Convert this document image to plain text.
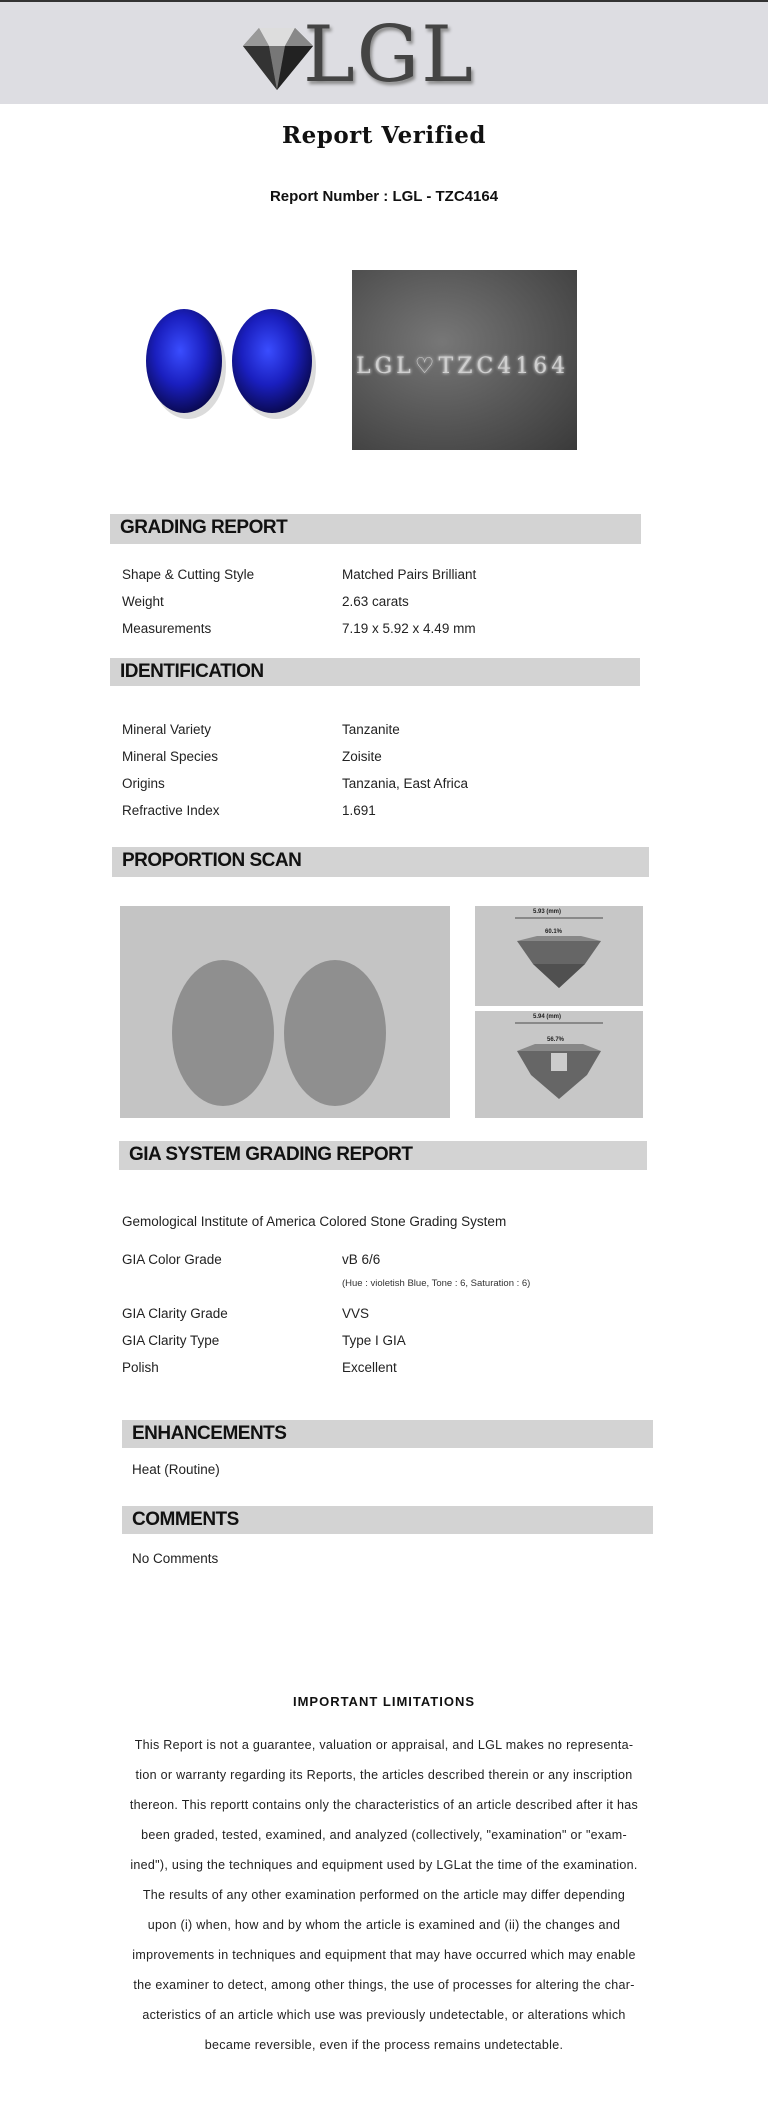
LGL
Report Verified
Report Number : LGL - TZC4164
LGL♡TZC4164
GRADING REPORT
Shape & Cutting Style	Matched Pairs Brilliant
Weight	2.63 carats
Measurements	7.19 x 5.92 x 4.49 mm
IDENTIFICATION
Mineral Variety	Tanzanite
Mineral Species	Zoisite
Origins	Tanzania, East Africa
Refractive Index	1.691
PROPORTION SCAN
5.93 (mm)
60.1%
5.94 (mm)
56.7%
GIA SYSTEM GRADING REPORT
Gemological Institute of America Colored Stone Grading System
GIA Color Grade	vB 6/6
(Hue : violetish Blue, Tone : 6, Saturation : 6)
GIA Clarity Grade	VVS
GIA Clarity Type	Type I GIA
Polish	Excellent
ENHANCEMENTS
Heat (Routine)
COMMENTS
No Comments
IMPORTANT LIMITATIONS
This Report is not a guarantee, valuation or appraisal, and LGL makes no representa-
tion or warranty regarding its Reports, the articles described therein or any inscription
thereon. This reportt contains only the characteristics of an article described after it has
been graded, tested, examined, and analyzed (collectively, "examination" or "exam-
ined"), using the techniques and equipment used by LGLat the time of the examination.
The results of any other examination performed on the article may differ depending
upon (i) when, how and by whom the article is examined and (ii) the changes and
improvements in techniques and equipment that may have occurred which may enable
the examiner to detect, among other things, the use of processes for altering the char-
acteristics of an article which use was previously undetectable, or alterations which
became reversible, even if the process remains undetectable.
